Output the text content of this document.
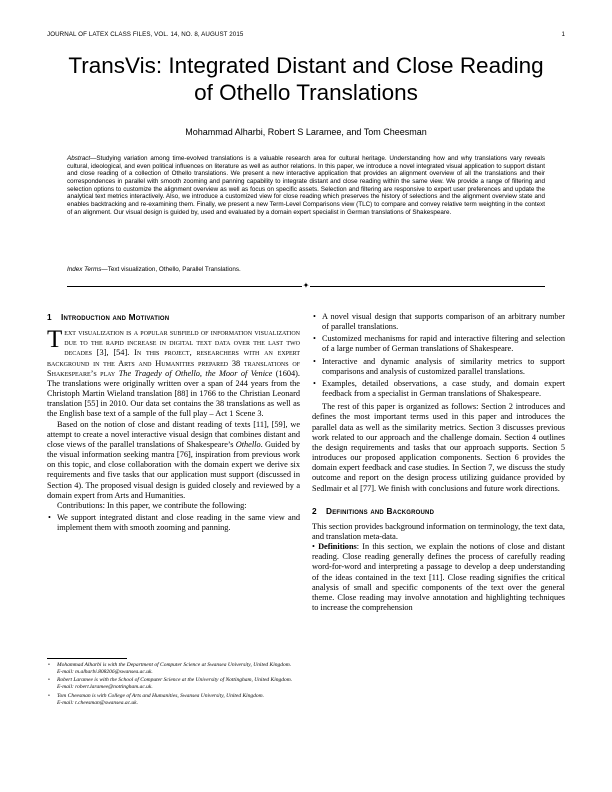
JOURNAL OF LATEX CLASS FILES, VOL. 14, NO. 8, AUGUST 2015	1
TransVis: Integrated Distant and Close Reading
of Othello Translations
Mohammad Alharbi, Robert S Laramee, and Tom Cheesman

Abstract—Studying variation among time-evolved translations is a valuable research area for cultural heritage. Understanding how and why translations vary reveals cultural, ideological, and even political influences on literature as well as author relations. In this paper, we introduce a novel integrated visual application to support distant and close reading of a collection of Othello translations. We present a new interactive application that provides an alignment overview of all the translations and their correspondences in parallel with smooth zooming and panning capability to integrate distant and close reading within the same view. We provide a range of filtering and selection options to customize the alignment overview as well as focus on specific assets. Selection and filtering are responsive to expert user preferences and update the analytical text metrics interactively. Also, we introduce a customized view for close reading which preserves the history of selections and the alignment overview state and enables backtracking and re-examining them. Finally, we present a new Term-Level Comparisons view (TLC) to compare and convey relative term weighting in the context of an alignment. Our visual design is guided by, used and evaluated by a domain expert specialist in German translations of Shakespeare.

Index Terms—Text visualization, Othello, Parallel Translations.

✦
1 Introduction and Motivation

Text visualization is a popular subfield of information visualization due to the rapid increase in digital text data over the last two decades [3], [54]. In this project, researchers with an expert background in the Arts and Humanities prepared 38 translations of Shakespeare’s play The Tragedy of Othello, the Moor of Venice (1604). The translations were originally written over a span of 244 years from the Christoph Martin Wieland translation [88] in 1766 to the Christian Leonard translation [55] in 2010. Our data set contains the 38 translations as well as the English base text of a sample of the full play – Act 1 Scene 3.

Based on the notion of close and distant reading of texts [11], [59], we attempt to create a novel interactive visual design that combines distant and close views of the parallel translations of Shakespeare’s Othello. Guided by the visual information seeking mantra [76], inspiration from previous work on this topic, and close collaboration with the domain expert we derive six requirements and five tasks that our application must support (discussed in Section 4). The proposed visual design is guided closely and reviewed by a domain expert from Arts and Humanities.

Contributions: In this paper, we contribute the following:

• We support integrated distant and close reading in the same view and implement them with smooth zooming and panning.
• A novel visual design that supports comparison of an arbitrary number of parallel translations.
• Customized mechanisms for rapid and interactive filtering and selection of a large number of German translations of Shakespeare.
• Interactive and dynamic analysis of similarity metrics to support comparisons and analysis of customized parallel translations.
• Examples, detailed observations, a case study, and domain expert feedback from a specialist in German translations of Shakespeare.

The rest of this paper is organized as follows: Section 2 introduces and defines the most important terms used in this paper and introduces the parallel data as well as the similarity metrics. Section 3 discusses previous work related to our approach and the challenge domain. Section 4 outlines the design requirements and tasks that our approach supports. Section 5 introduces our proposed application components. Section 6 provides the domain expert feedback and case studies. In Section 7, we discuss the study outcome and report on the design process utilizing guidance provided by Sedlmair et al [77]. We finish with conclusions and future work directions.

2 Definitions and Background

This section provides background information on terminology, the text data, and translation meta-data.

• Definitions: In this section, we explain the notions of close and distant reading. Close reading generally defines the process of carefully reading word-for-word and interpreting a passage to develop a deep understanding of the ideas contained in the text [11]. Close reading signifies the critical analysis of small and specific components of the text over the general theme. Close reading may involve annotation and highlighting techniques to increase the comprehension

• Mohammad Alharbi is with the Department of Computer Science at Swansea University, United Kingdom.
E-mail: m.alharbi.808206@swansea.ac.uk.
• Robert Laramee is with the School of Computer Science at the University of Nottingham, United Kingdom.
E-mail: robert.laramee@nottingham.ac.uk.
• Tom Cheesman is with College of Arts and Humanities, Swansea University, United Kingdom.
E-mail: t.cheesman@swansea.ac.uk.
